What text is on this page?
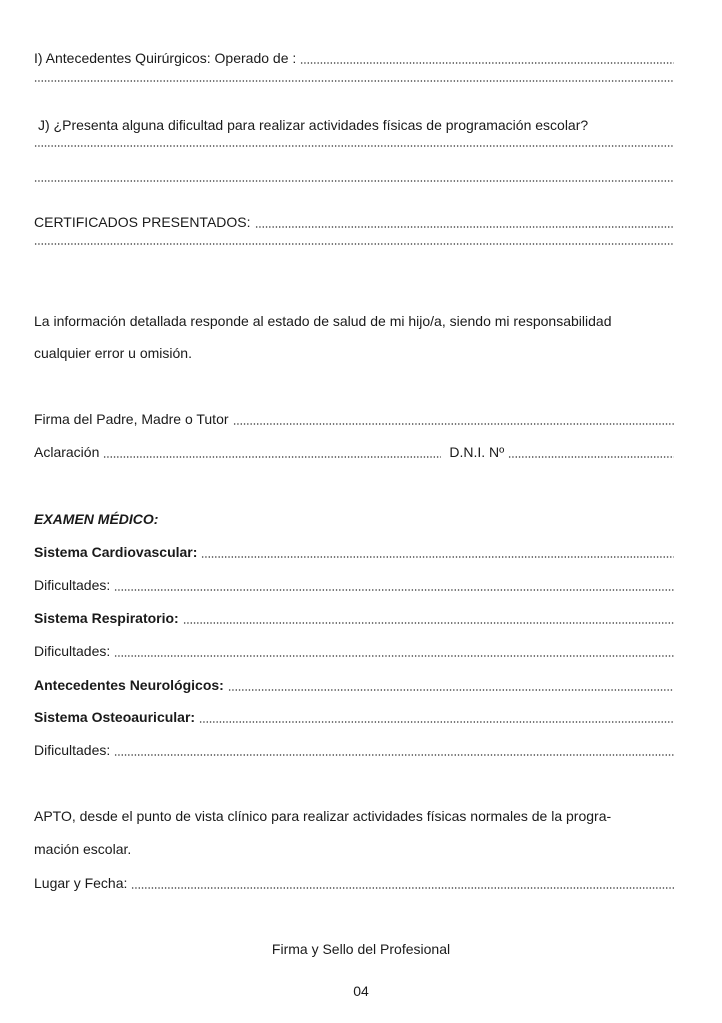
I) Antecedentes Quirúrgicos: Operado de :
J) ¿Presenta alguna dificultad para realizar actividades físicas de programación escolar?
CERTIFICADOS PRESENTADOS:
La información detallada responde al estado de salud de mi hijo/a, siendo mi responsabilidad
cualquier error u omisión.
Firma del Padre, Madre o Tutor
Aclaración	D.N.I. Nº
EXAMEN MÉDICO:
Sistema Cardiovascular:
Dificultades:
Sistema Respiratorio:
Dificultades:
Antecedentes Neurológicos:
Sistema Osteoauricular:
Dificultades:
APTO, desde el punto de vista clínico para realizar actividades físicas normales de la progra-
mación escolar.
Lugar y Fecha:
Firma y Sello del Profesional
04
